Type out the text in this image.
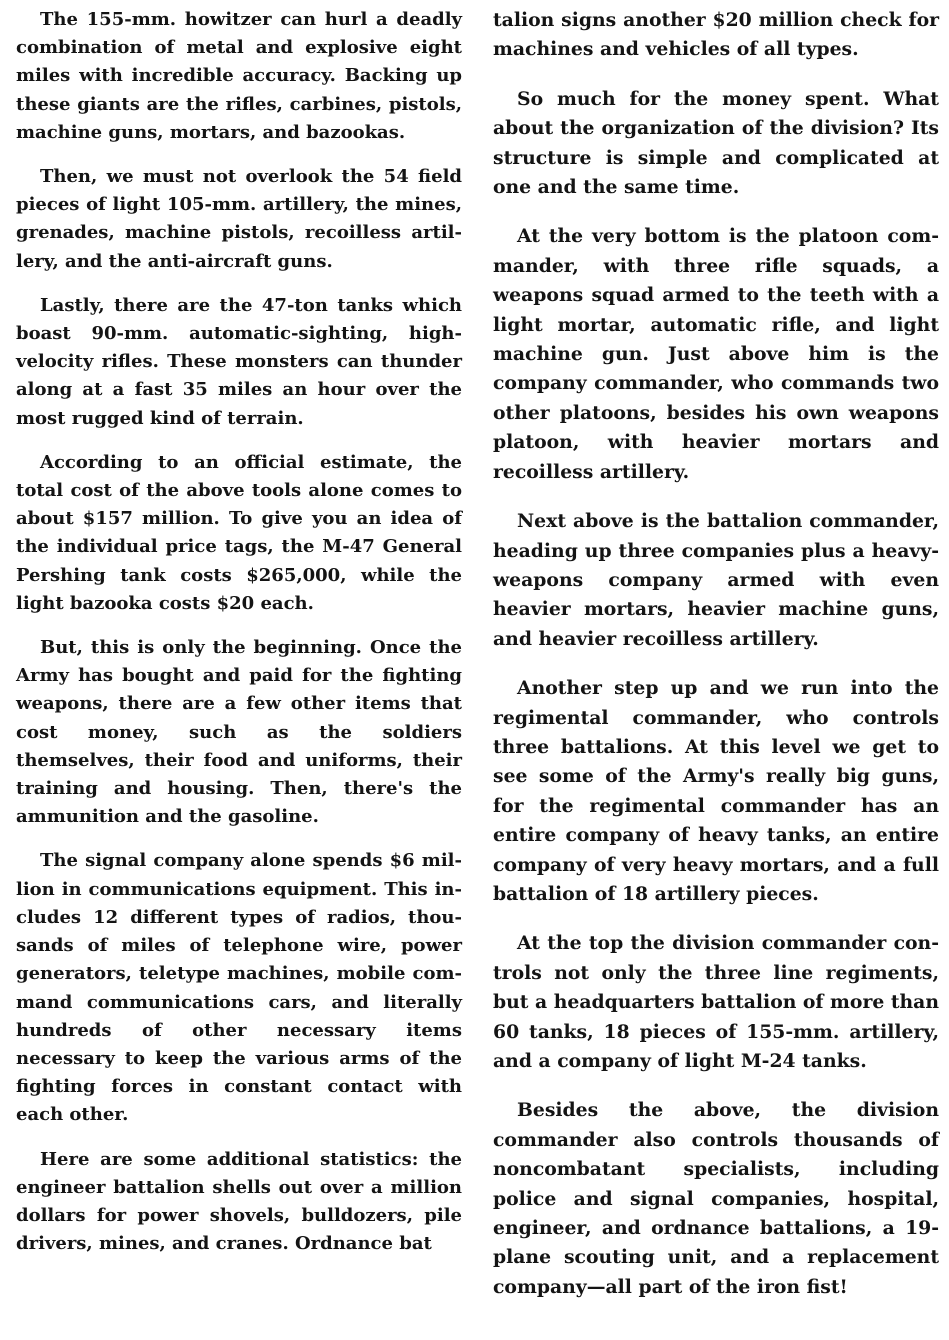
The 155-mm. howitzer can hurl a deadly combination of metal and explosive eight miles with incredible accuracy. Backing up these giants are the rifles, carbines, pistols, machine guns, mortars, and bazookas.

Then, we must not overlook the 54 field pieces of light 105-mm. artillery, the mines, grenades, machine pistols, recoilless artillery, and the anti-aircraft guns.

Lastly, there are the 47-ton tanks which boast 90-mm. automatic-sighting, high-velocity rifles. These monsters can thunder along at a fast 35 miles an hour over the most rugged kind of terrain.

According to an official estimate, the total cost of the above tools alone comes to about $157 million. To give you an idea of the individual price tags, the M-47 General Pershing tank costs $265,000, while the light bazooka costs $20 each.

But, this is only the beginning. Once the Army has bought and paid for the fighting weapons, there are a few other items that cost money, such as the soldiers themselves, their food and uniforms, their training and housing. Then, there's the ammunition and the gasoline.

The signal company alone spends $6 million in communications equipment. This includes 12 different types of radios, thousands of miles of telephone wire, power generators, teletype machines, mobile command communications cars, and literally hundreds of other necessary items necessary to keep the various arms of the fighting forces in constant contact with each other.

Here are some additional statistics: the engineer battalion shells out over a million dollars for power shovels, bulldozers, pile drivers, mines, and cranes. Ordnance bat

talion signs another $20 million check for machines and vehicles of all types.

So much for the money spent. What about the organization of the division? Its structure is simple and complicated at one and the same time.

At the very bottom is the platoon commander, with three rifle squads, a weapons squad armed to the teeth with a light mortar, automatic rifle, and light machine gun. Just above him is the company commander, who commands two other platoons, besides his own weapons platoon, with heavier mortars and recoilless artillery.

Next above is the battalion commander, heading up three companies plus a heavy-weapons company armed with even heavier mortars, heavier machine guns, and heavier recoilless artillery.

Another step up and we run into the regimental commander, who controls three battalions. At this level we get to see some of the Army's really big guns, for the regimental commander has an entire company of heavy tanks, an entire company of very heavy mortars, and a full battalion of 18 artillery pieces.

At the top the division commander controls not only the three line regiments, but a headquarters battalion of more than 60 tanks, 18 pieces of 155-mm. artillery, and a company of light M-24 tanks.

Besides the above, the division commander also controls thousands of noncombatant specialists, including police and signal companies, hospital, engineer, and ordnance battalions, a 19-plane scouting unit, and a replacement company—all part of the iron fist!
